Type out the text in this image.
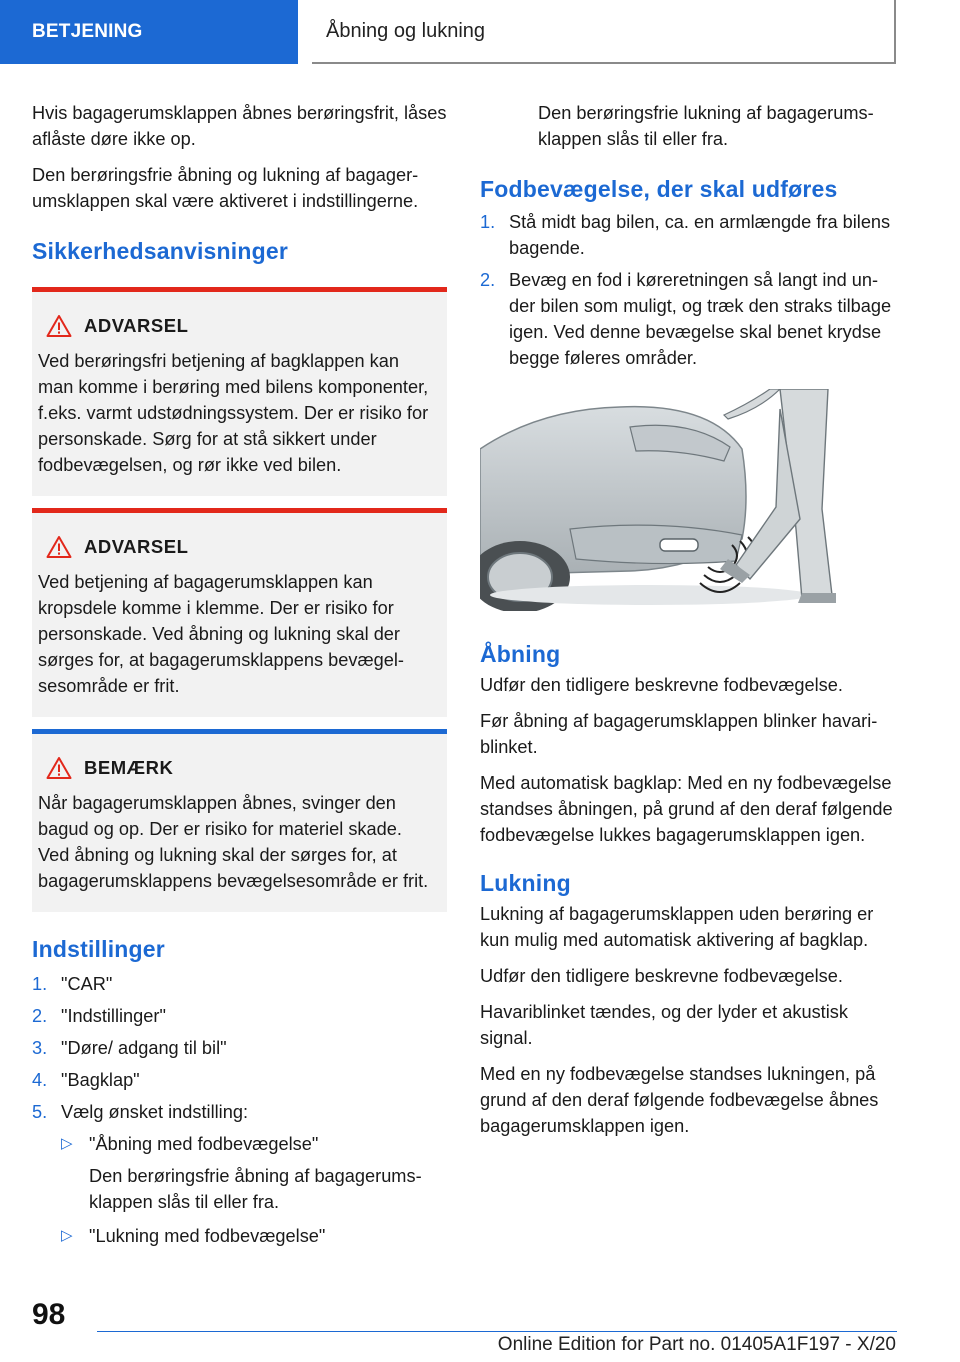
BETJENING	Åbning og lukning

Hvis bagagerumsklappen åbnes berøringsfrit, låses aflåste døre ikke op.

Den berøringsfrie åbning og lukning af bagagerumsklappen skal være aktiveret i indstillingerne.

Sikkerhedsanvisninger
ADVARSEL
Ved berøringsfri betjening af bagklappen kan man komme i berøring med bilens komponenter, f.eks. varmt udstødningssystem. Der er risiko for personskade. Sørg for at stå sikkert under fodbevægelsen, og rør ikke ved bilen.
ADVARSEL
Ved betjening af bagagerumsklappen kan kropsdele komme i klemme. Der er risiko for personskade. Ved åbning og lukning skal der sørges for, at bagagerumsklappens bevægelsesområde er frit.
BEMÆRK
Når bagagerumsklappen åbnes, svinger den bagud og op. Der er risiko for materiel skade. Ved åbning og lukning skal der sørges for, at bagagerumsklappens bevægelsesområde er frit.
Indstillinger
1. "CAR"
2. "Indstillinger"
3. "Døre/ adgang til bil"
4. "Bagklap"
5. Vælg ønsket indstilling:
▷ "Åbning med fodbevægelse"
Den berøringsfrie åbning af bagagerumsklappen slås til eller fra.
▷ "Lukning med fodbevægelse"

Den berøringsfrie lukning af bagagerumsklappen slås til eller fra.

Fodbevægelse, der skal udføres
1. Stå midt bag bilen, ca. en armlængde fra bilens bagende.
2. Bevæg en fod i køreretningen så langt ind under bilen som muligt, og træk den straks tilbage igen. Ved denne bevægelse skal benet krydse begge føleres områder.
Åbning

Udfør den tidligere beskrevne fodbevægelse.

Før åbning af bagagerumsklappen blinker havariblinket.

Med automatisk bagklap: Med en ny fodbevægelse standses åbningen, på grund af den deraf følgende fodbevægelse lukkes bagagerumsklappen igen.

Lukning

Lukning af bagagerumsklappen uden berøring er kun mulig med automatisk aktivering af bagklap.

Udfør den tidligere beskrevne fodbevægelse.

Havariblinket tændes, og der lyder et akustisk signal.

Med en ny fodbevægelse standses lukningen, på grund af den deraf følgende fodbevægelse åbnes bagagerumsklappen igen.

98
Online Edition for Part no. 01405A1F197 - X/20
